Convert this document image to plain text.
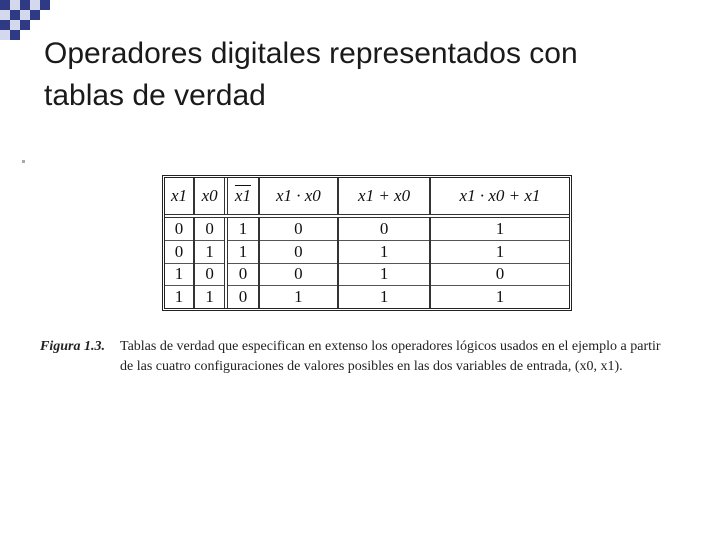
Operadores digitales representados con
tablas de verdad
x1	x0	x1	x1 · x0	x1 + x0	x1 · x0 + x1
0	0	1	0	0	1
0	1	1	0	1	1
1	0	0	0	1	0
1	1	0	1	1	1
Figura 1.3. Tablas de verdad que especifican en extenso los operadores lógicos usados en el ejemplo a partir
de las cuatro configuraciones de valores posibles en las dos variables de entrada, (x0, x1).
